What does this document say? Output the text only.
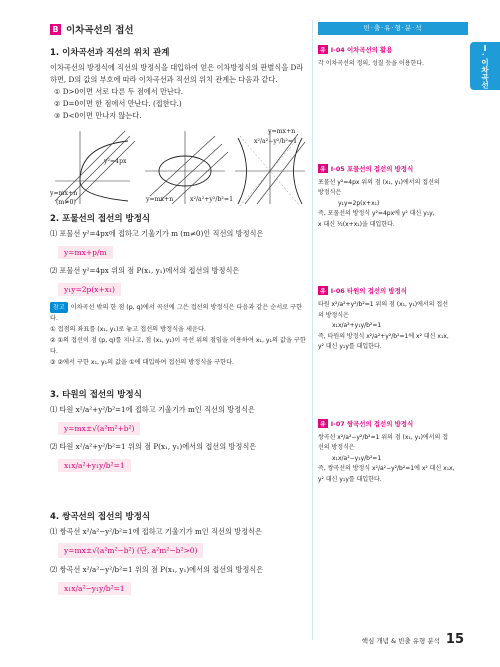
B 이차곡선의 접선
1. 이차곡선과 직선의 위치 관계
이차곡선의 방정식에 직선의 방정식을 대입하여 얻은 이차방정식의 판별식을 D라
하면, D의 값의 부호에 따라 이차곡선과 직선의 위치 관계는 다음과 같다.
① D>0이면 서로 다른 두 점에서 만난다.
② D=0이면 한 점에서 만난다. (접한다.)
③ D<0이면 만나지 않는다.
y=mx+n
(m≠0)
y²=4px
y=mx+n	x²/a²+y²/b²=1
y=mx+n
x²/a²−y²/b²=1
2. 포물선의 접선의 방정식
⑴ 포물선 y²=4px에 접하고 기울기가 m (m≠0)인 직선의 방정식은
y=mx+p/m
⑵ 포물선 y²=4px 위의 점 P(x₁, y₁)에서의 접선의 방정식은
y₁y=2p(x+x₁)
참고 이차곡선 밖의 한 점 (p, q)에서 곡선에 그은 접선의 방정식은 다음과 같은 순서로 구한다.
① 접점의 좌표를 (x₁, y₁)로 놓고 접선의 방정식을 세운다.
② ①의 접선이 점 (p, q)를 지나고, 점 (x₁, y₁)이 곡선 위의 점임을 이용하여 x₁, y₁의 값을 구한다.
③ ②에서 구한 x₁, y₁의 값을 ①에 대입하여 접선의 방정식을 구한다.
3. 타원의 접선의 방정식
⑴ 타원 x²/a²+y²/b²=1에 접하고 기울기가 m인 직선의 방정식은
y=mx±√(a²m²+b²)
⑵ 타원 x²/a²+y²/b²=1 위의 점 P(x₁, y₁)에서의 접선의 방정식은
x₁x/a²+y₁y/b²=1
4. 쌍곡선의 접선의 방정식
⑴ 쌍곡선 x²/a²−y²/b²=1에 접하고 기울기가 m인 직선의 방정식은
y=mx±√(a²m²−b²) (단, a²m²−b²>0)
⑵ 쌍곡선 x²/a²−y²/b²=1 위의 점 P(x₁, y₁)에서의 접선의 방정식은
x₁x/a²−y₁y/b²=1
빈·출·유·형·분·석
유 Ⅰ-04 이차곡선의 활용
각 이차곡선의 정의, 성질 등을 이용한다.
유 Ⅰ-05 포물선의 접선의 방정식
포물선 y²=4px 위의 점 (x₁, y₁)에서의 접선의
방정식은
y₁y=2p(x+x₁)
즉, 포물선의 방정식 y²=4px에 y² 대신 y₁y,
x 대신 ½(x+x₁)을 대입한다.
유 Ⅰ-06 타원의 접선의 방정식
타원 x²/a²+y²/b²=1 위의 점 (x₁, y₁)에서의 접선
의 방정식은
x₁x/a²+y₁y/b²=1
즉, 타원의 방정식 x²/a²+y²/b²=1에 x² 대신 x₁x,
y² 대신 y₁y를 대입한다.
유 Ⅰ-07 쌍곡선의 접선의 방정식
쌍곡선 x²/a²−y²/b²=1 위의 점 (x₁, y₁)에서의 접
선의 방정식은
x₁x/a²−y₁y/b²=1
즉, 쌍곡선의 방정식 x²/a²−y²/b²=1에 x² 대신 x₁x,
y² 대신 y₁y를 대입한다.
Ⅰ. 이차곡선
핵심 개념 & 빈출 유형 분석 15
